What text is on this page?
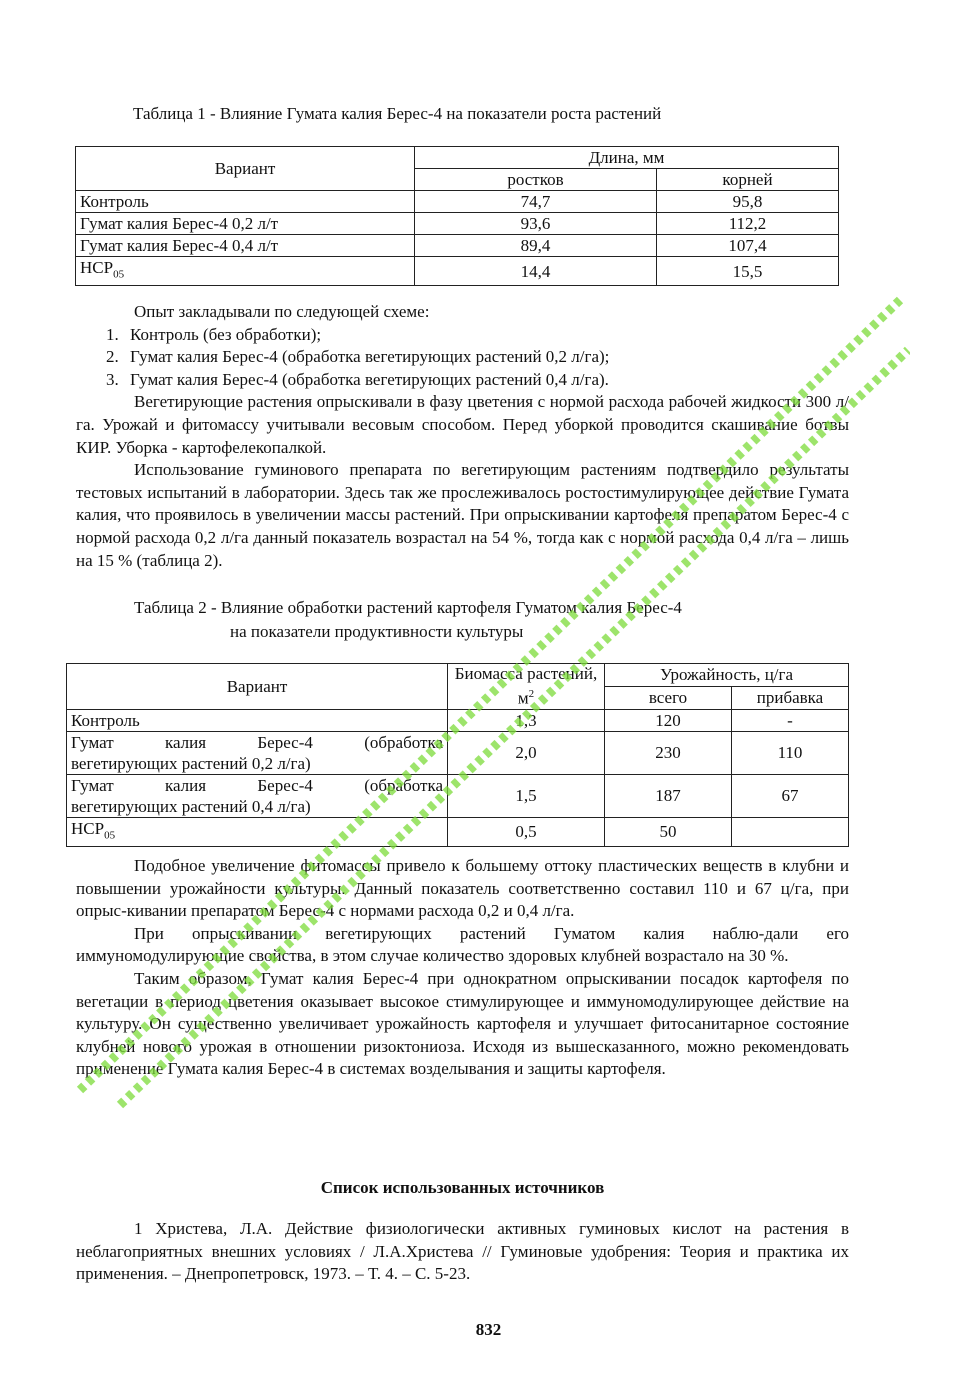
Таблица 1 - Влияние Гумата калия Берес-4 на показатели роста растений
Вариант	Длина, мм	
	ростков	корней
Контроль	74,7	95,8
Гумат калия Берес-4 0,2 л/т	93,6	112,2
Гумат калия Берес-4 0,4 л/т	89,4	107,4
$НСР_{05}$	14,4	15,5

Опыт закладывали по следующей схеме:

1. Контроль (без обработки);
2. Гумат калия Берес-4 (обработка вегетирующих растений 0,2 л/га);
3. Гумат калия Берес-4 (обработка вегетирующих растений 0,4 л/га).

Вегетирующие растения опрыскивали в фазу цветения с нормой расхода рабочей жидкости 300 л/га. Урожай и фитомассу учитывали весовым способом. Перед уборкой проводится скашивание ботвы КИР. Уборка - картофелекопалкой.

Использование гуминового препарата по вегетирующим растениям подтвердило результаты тестовых испытаний в лаборатории. Здесь так же прослеживалось ростостимулирующее действие Гумата калия, что проявилось в увеличении массы растений. При опрыскивании картофеля препаратом Берес-4 с нормой расхода 0,2 л/га данный показатель возрастал на 54 %, тогда как с нормой расхода 0,4 л/га – лишь на 15 % (таблица 2).

Таблица 2 - Влияние обработки растений картофеля Гуматом калия Берес-4
на показатели продуктивности культуры
Вариант	Биомасса растений, $м^2$	Урожайность, ц/га	
		всего	прибавка
Контроль	1,3	120	-

Гумат калия Берес-4 (обработка
вегетирующих растений 0,2 л/га)	2,0	230	110

Гумат калия Берес-4 (обработка
вегетирующих растений 0,4 л/га)	1,5	187	67
$НСР_{05}$	0,5	50	

Подобное увеличение фитомассы привело к большему оттоку пластических веществ в клубни и повышении урожайности культуры. Данный показатель соответственно составил 110 и 67 ц/га, при опрыс-кивании препаратом Берес-4 с нормами расхода 0,2 и 0,4 л/га.

При опрыскивании вегетирующих растений Гуматом калия наблю-дали его иммуномодулирующие свойства, в этом случае количество здоровых клубней возрастало на 30 %.

Таким образом, Гумат калия Берес-4 при однократном опрыскивании посадок картофеля по вегетации в период цветения оказывает высокое стимулирующее и иммуномодулирующее действие на культуру. Он существенно увеличивает урожайность картофеля и улучшает фитосанитарное состояние клубней нового урожая в отношении ризоктониоза. Исходя из вышесказанного, можно рекомендовать применение Гумата калия Берес-4 в системах возделывания и защиты картофеля.

Список использованных источников

1 Христева, Л.А. Действие физиологически активных гуминовых кислот на растения в неблагоприятных внешних условиях / Л.А.Христева // Гуминовые удобрения: Теория и практика их применения. – Днепропетровск, 1973. – Т. 4. – С. 5-23.

832
